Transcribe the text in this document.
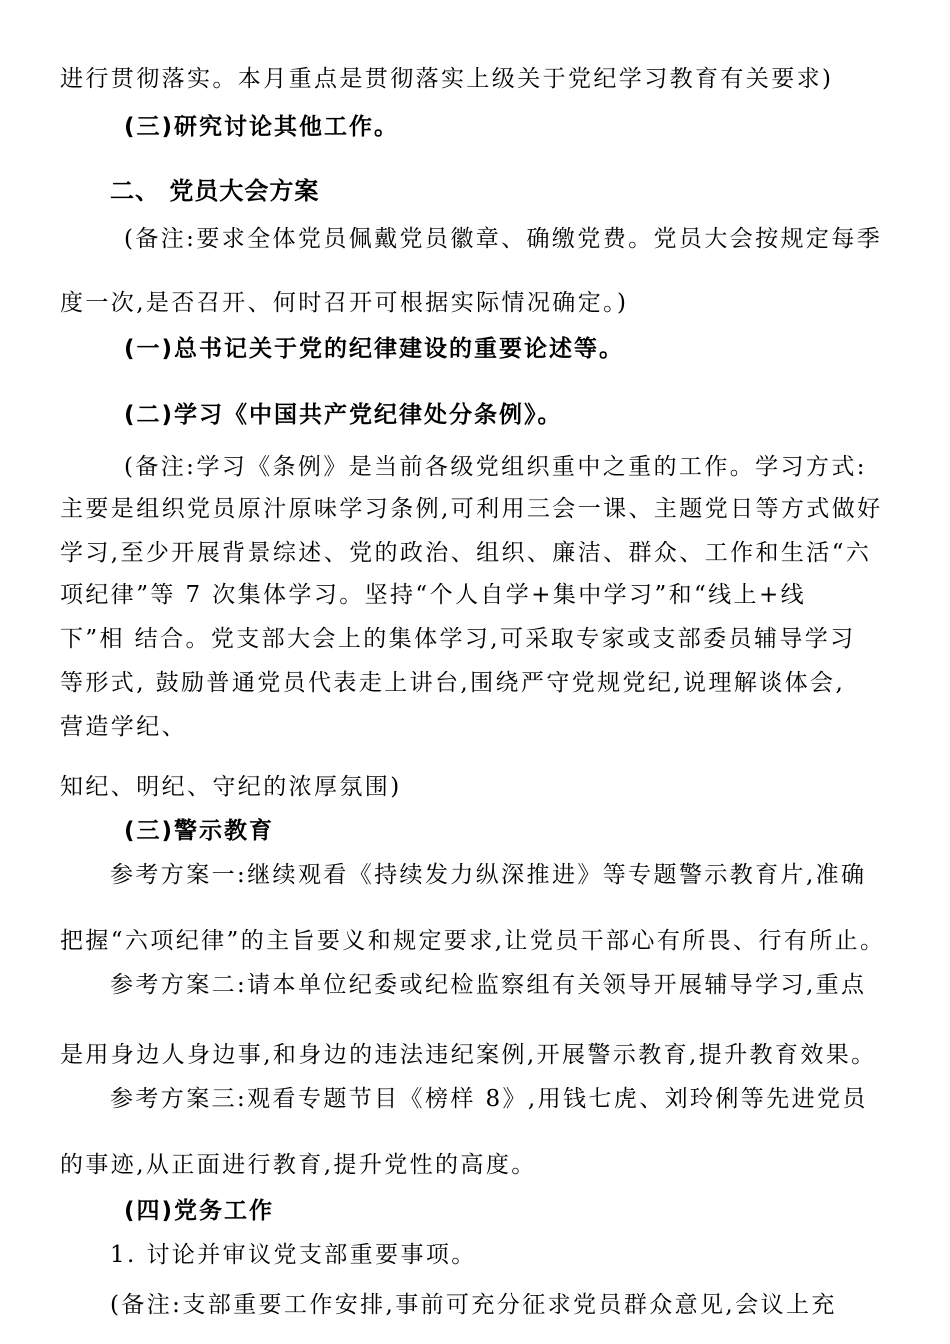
进行贯彻落实。本月重点是贯彻落实上级关于党纪学习教育有关要求)
(三)研究讨论其他工作。
二、 党员大会方案
(备注:要求全体党员佩戴党员徽章、确缴党费。党员大会按规定每季
度一次,是否召开、何时召开可根据实际情况确定。)
(一)总书记关于党的纪律建设的重要论述等。
(二)学习《中国共产党纪律处分条例》。
(备注:学习《条例》是当前各级党组织重中之重的工作。学习方式:
主要是组织党员原汁原味学习条例,可利用三会一课、主题党日等方式做好
学习,至少开展背景综述、党的政治、组织、廉洁、群众、工作和生活“六
项纪律”等 7 次集体学习。坚持“个人自学+集中学习”和“线上+线
下”相 结合。党支部大会上的集体学习,可采取专家或支部委员辅导学习
等形式, 鼓励普通党员代表走上讲台,围绕严守党规党纪,说理解谈体会,
营造学纪、
知纪、明纪、守纪的浓厚氛围)
(三)警示教育
参考方案一:继续观看《持续发力纵深推进》等专题警示教育片,准确
把握“六项纪律”的主旨要义和规定要求,让党员干部心有所畏、行有所止。
参考方案二:请本单位纪委或纪检监察组有关领导开展辅导学习,重点
是用身边人身边事,和身边的违法违纪案例,开展警示教育,提升教育效果。
参考方案三:观看专题节目《榜样 8》,用钱七虎、刘玲俐等先进党员
的事迹,从正面进行教育,提升党性的高度。
(四)党务工作
1. 讨论并审议党支部重要事项。
(备注:支部重要工作安排,事前可充分征求党员群众意见,会议上充
